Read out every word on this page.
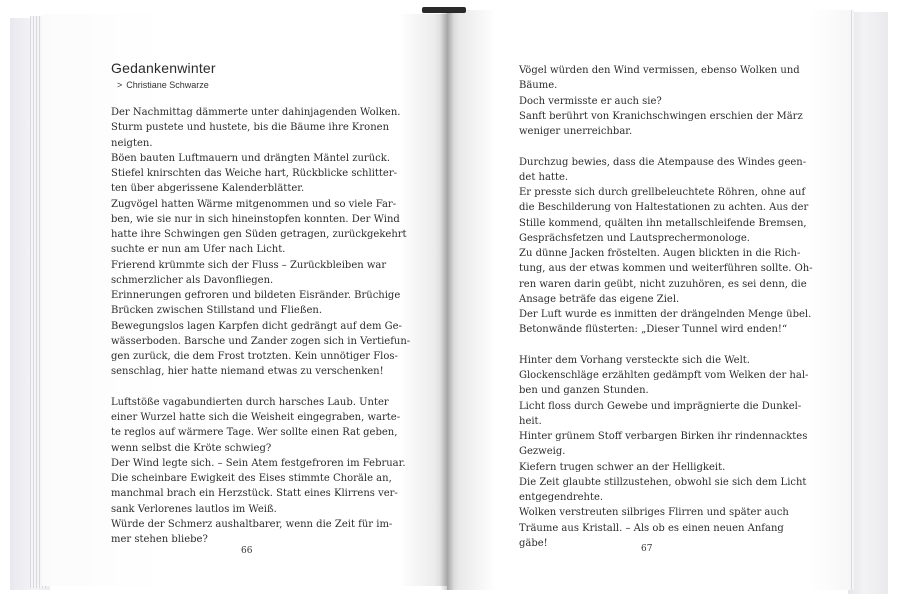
Gedankenwinter
> Christiane Schwarze
Der Nachmittag dämmerte unter dahinjagenden Wolken.
Sturm pustete und hustete, bis die Bäume ihre Kronen
neigten.
Böen bauten Luftmauern und drängten Mäntel zurück.
Stiefel knirschten das Weiche hart, Rückblicke schlitter-
ten über abgerissene Kalenderblätter.
Zugvögel hatten Wärme mitgenommen und so viele Far-
ben, wie sie nur in sich hineinstopfen konnten. Der Wind
hatte ihre Schwingen gen Süden getragen, zurückgekehrt
suchte er nun am Ufer nach Licht.
Frierend krümmte sich der Fluss – Zurückbleiben war
schmerzlicher als Davonfliegen.
Erinnerungen gefroren und bildeten Eisränder. Brüchige
Brücken zwischen Stillstand und Fließen.
Bewegungslos lagen Karpfen dicht gedrängt auf dem Ge-
wässerboden. Barsche und Zander zogen sich in Vertiefun-
gen zurück, die dem Frost trotzten. Kein unnötiger Flos-
senschlag, hier hatte niemand etwas zu verschenken!
Luftstöße vagabundierten durch harsches Laub. Unter
einer Wurzel hatte sich die Weisheit eingegraben, warte-
te reglos auf wärmere Tage. Wer sollte einen Rat geben,
wenn selbst die Kröte schwieg?
Der Wind legte sich. – Sein Atem festgefroren im Februar.
Die scheinbare Ewigkeit des Eises stimmte Choräle an,
manchmal brach ein Herzstück. Statt eines Klirrens ver-
sank Verlorenes lautlos im Weiß.
Würde der Schmerz aushaltbarer, wenn die Zeit für im-
mer stehen bliebe?
Vögel würden den Wind vermissen, ebenso Wolken und
Bäume.
Doch vermisste er auch sie?
Sanft berührt von Kranichschwingen erschien der März
weniger unerreichbar.
Durchzug bewies, dass die Atempause des Windes geen-
det hatte.
Er presste sich durch grellbeleuchtete Röhren, ohne auf
die Beschilderung von Haltestationen zu achten. Aus der
Stille kommend, quälten ihn metallschleifende Bremsen,
Gesprächsfetzen und Lautsprechermonologe.
Zu dünne Jacken fröstelten. Augen blickten in die Rich-
tung, aus der etwas kommen und weiterführen sollte. Oh-
ren waren darin geübt, nicht zuzuhören, es sei denn, die
Ansage beträfe das eigene Ziel.
Der Luft wurde es inmitten der drängelnden Menge übel.
Betonwände flüsterten: „Dieser Tunnel wird enden!“
Hinter dem Vorhang versteckte sich die Welt.
Glockenschläge erzählten gedämpft vom Welken der hal-
ben und ganzen Stunden.
Licht floss durch Gewebe und imprägnierte die Dunkel-
heit.
Hinter grünem Stoff verbargen Birken ihr rindennacktes
Gezweig.
Kiefern trugen schwer an der Helligkeit.
Die Zeit glaubte stillzustehen, obwohl sie sich dem Licht
entgegendrehte.
Wolken verstreuten silbriges Flirren und später auch
Träume aus Kristall. – Als ob es einen neuen Anfang
gäbe!
66	67
